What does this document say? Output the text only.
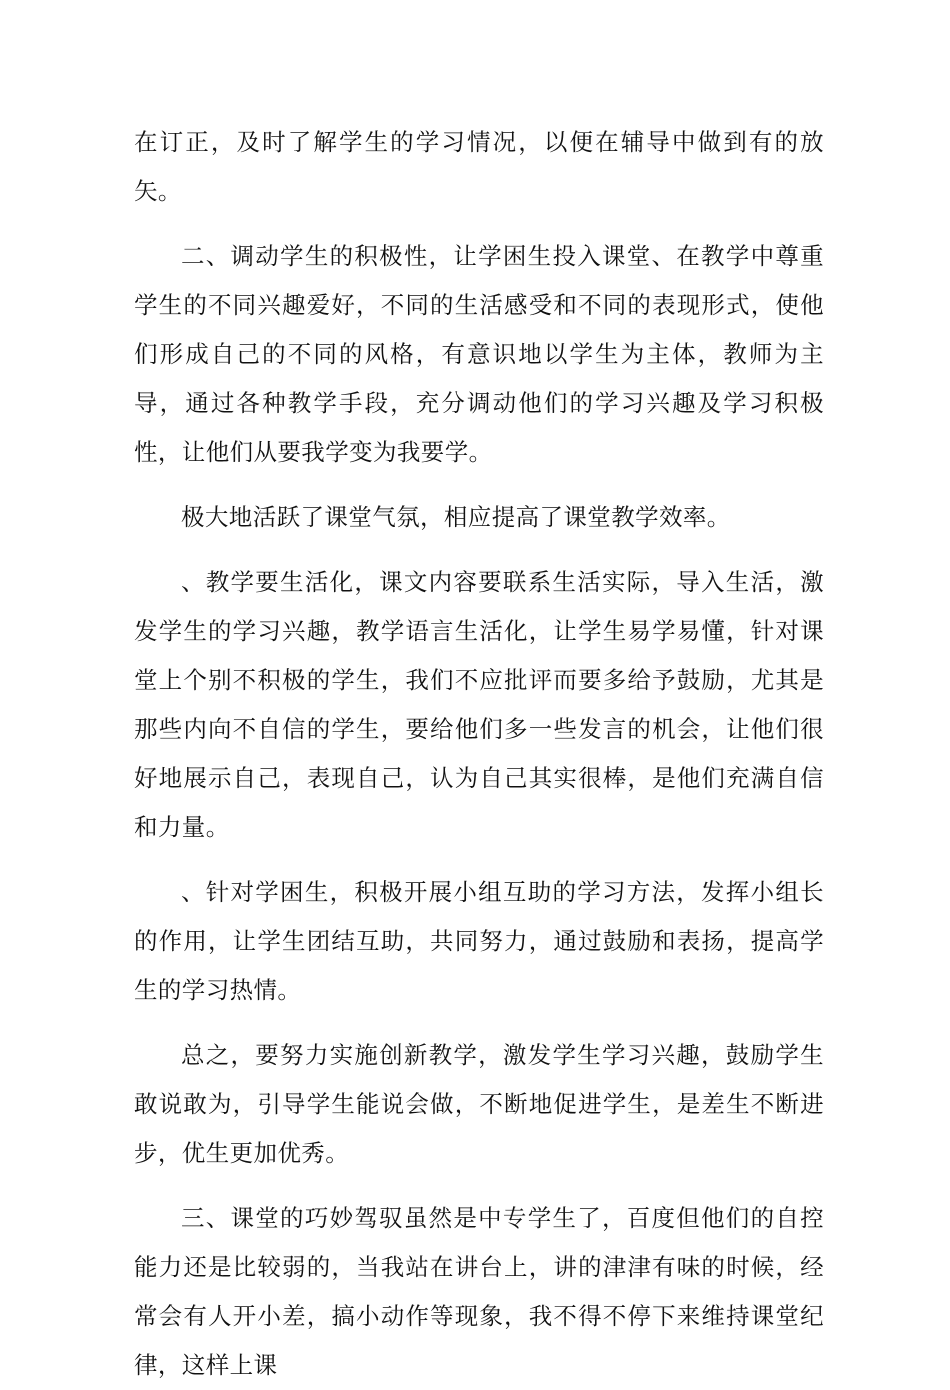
在订正，及时了解学生的学习情况，以便在辅导中做到有的放矢。

二、调动学生的积极性，让学困生投入课堂、在教学中尊重学生的不同兴趣爱好，不同的生活感受和不同的表现形式，使他们形成自己的不同的风格，有意识地以学生为主体，教师为主导，通过各种教学手段，充分调动他们的学习兴趣及学习积极性，让他们从要我学变为我要学。

极大地活跃了课堂气氛，相应提高了课堂教学效率。

、教学要生活化，课文内容要联系生活实际，导入生活，激发学生的学习兴趣，教学语言生活化，让学生易学易懂，针对课堂上个别不积极的学生，我们不应批评而要多给予鼓励，尤其是那些内向不自信的学生，要给他们多一些发言的机会，让他们很好地展示自己，表现自己，认为自己其实很棒，是他们充满自信和力量。

、针对学困生，积极开展小组互助的学习方法，发挥小组长的作用，让学生团结互助，共同努力，通过鼓励和表扬，提高学生的学习热情。

总之，要努力实施创新教学，激发学生学习兴趣，鼓励学生敢说敢为，引导学生能说会做，不断地促进学生，是差生不断进步，优生更加优秀。

三、课堂的巧妙驾驭虽然是中专学生了，百度但他们的自控能力还是比较弱的，当我站在讲台上，讲的津津有味的时候，经常会有人开小差，搞小动作等现象，我不得不停下来维持课堂纪律，这样上课
